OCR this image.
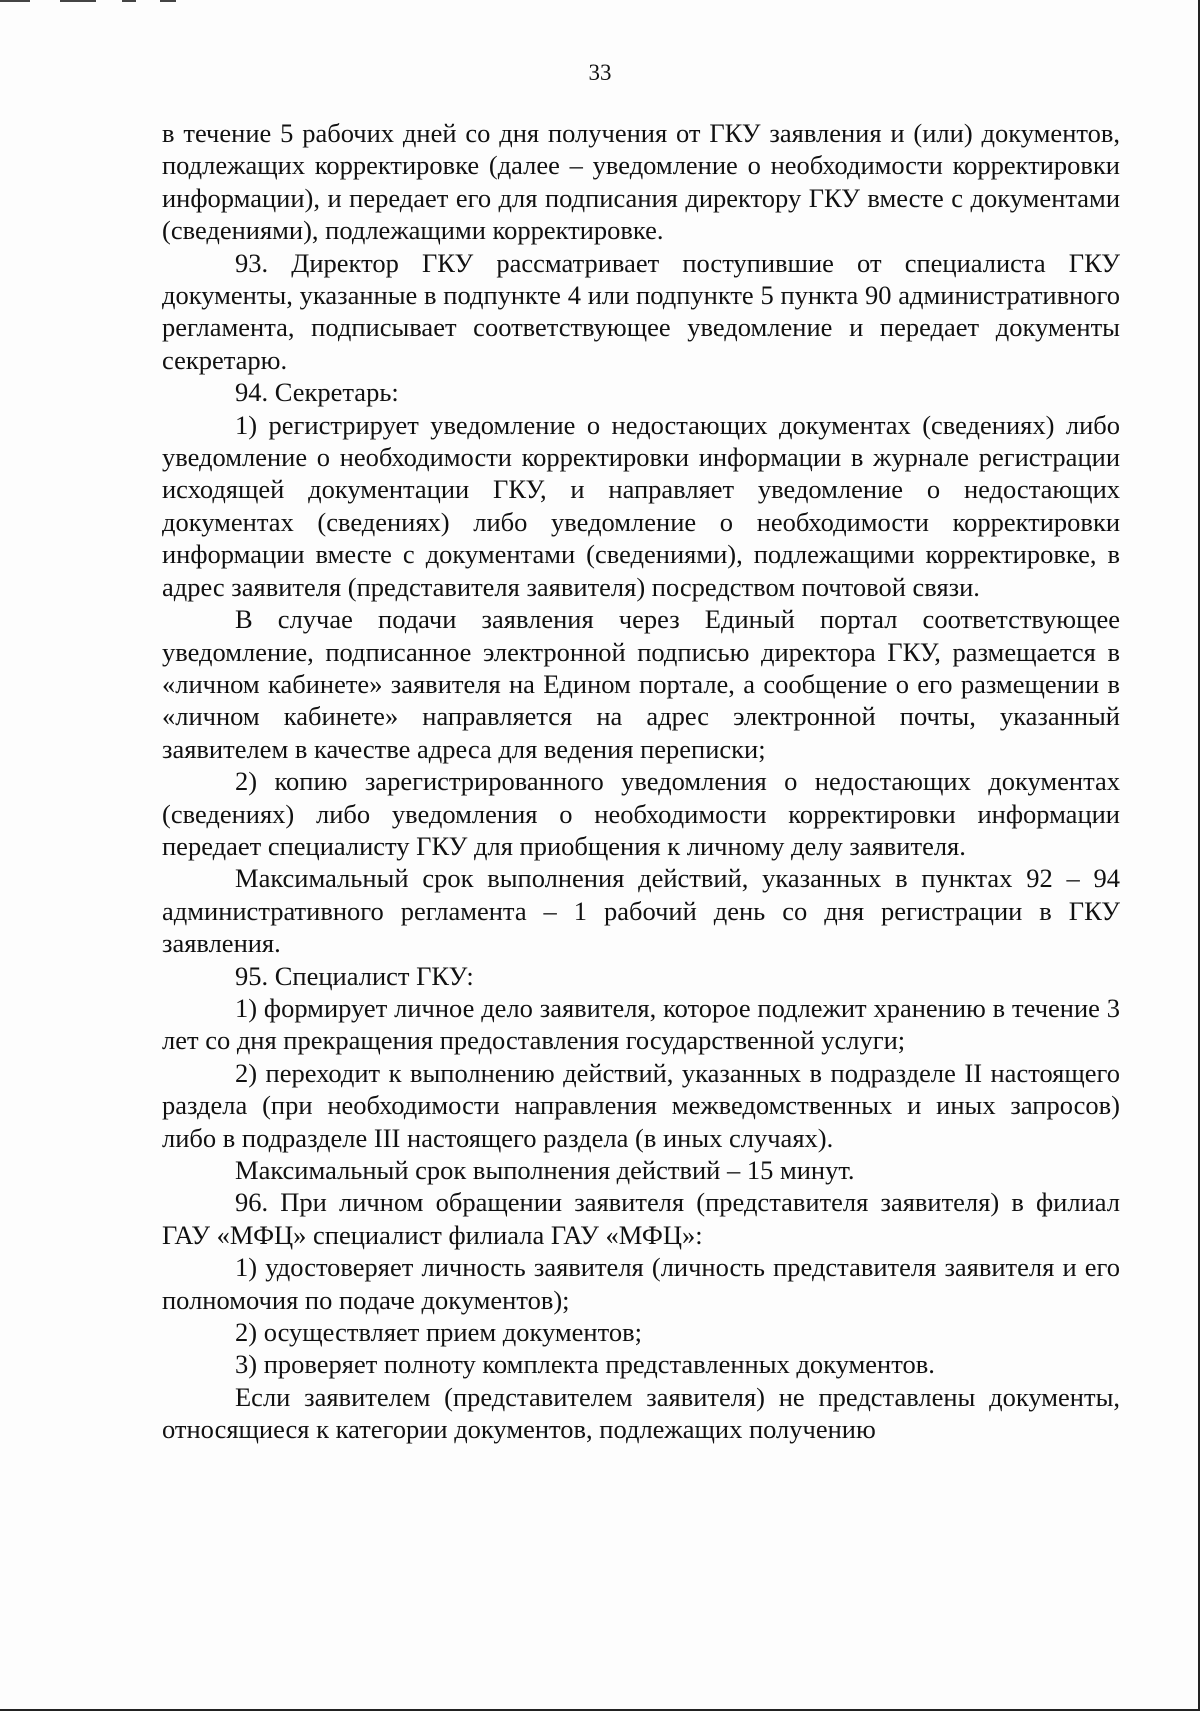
33

в течение 5 рабочих дней со дня получения от ГКУ заявления и (или) документов, подлежащих корректировке (далее – уведомление о необходимости корректировки информации), и передает его для подписания директору ГКУ вместе с документами (сведениями), подлежащими корректировке.

93. Директор ГКУ рассматривает поступившие от специалиста ГКУ документы, указанные в подпункте 4 или подпункте 5 пункта 90 административного регламента, подписывает соответствующее уведомление и передает документы секретарю.

94. Секретарь:

1) регистрирует уведомление о недостающих документах (сведениях) либо уведомление о необходимости корректировки информации в журнале регистрации исходящей документации ГКУ, и направляет уведомление о недостающих документах (сведениях) либо уведомление о необходимости корректировки информации вместе с документами (сведениями), подлежащими корректировке, в адрес заявителя (представителя заявителя) посредством почтовой связи.

В случае подачи заявления через Единый портал соответствующее уведомление, подписанное электронной подписью директора ГКУ, размещается в «личном кабинете» заявителя на Едином портале, а сообщение о его размещении в «личном кабинете» направляется на адрес электронной почты, указанный заявителем в качестве адреса для ведения переписки;

2) копию зарегистрированного уведомления о недостающих документах (сведениях) либо уведомления о необходимости корректировки информации передает специалисту ГКУ для приобщения к личному делу заявителя.

Максимальный срок выполнения действий, указанных в пунктах 92 – 94 административного регламента – 1 рабочий день со дня регистрации в ГКУ заявления.

95. Специалист ГКУ:

1) формирует личное дело заявителя, которое подлежит хранению в течение 3 лет со дня прекращения предоставления государственной услуги;

2) переходит к выполнению действий, указанных в подразделе II настоящего раздела (при необходимости направления межведомственных и иных запросов) либо в подразделе III настоящего раздела (в иных случаях).

Максимальный срок выполнения действий – 15 минут.

96. При личном обращении заявителя (представителя заявителя) в филиал ГАУ «МФЦ» специалист филиала ГАУ «МФЦ»:

1) удостоверяет личность заявителя (личность представителя заявителя и его полномочия по подаче документов);

2) осуществляет прием документов;

3) проверяет полноту комплекта представленных документов.

Если заявителем (представителем заявителя) не представлены документы, относящиеся к категории документов, подлежащих получению
